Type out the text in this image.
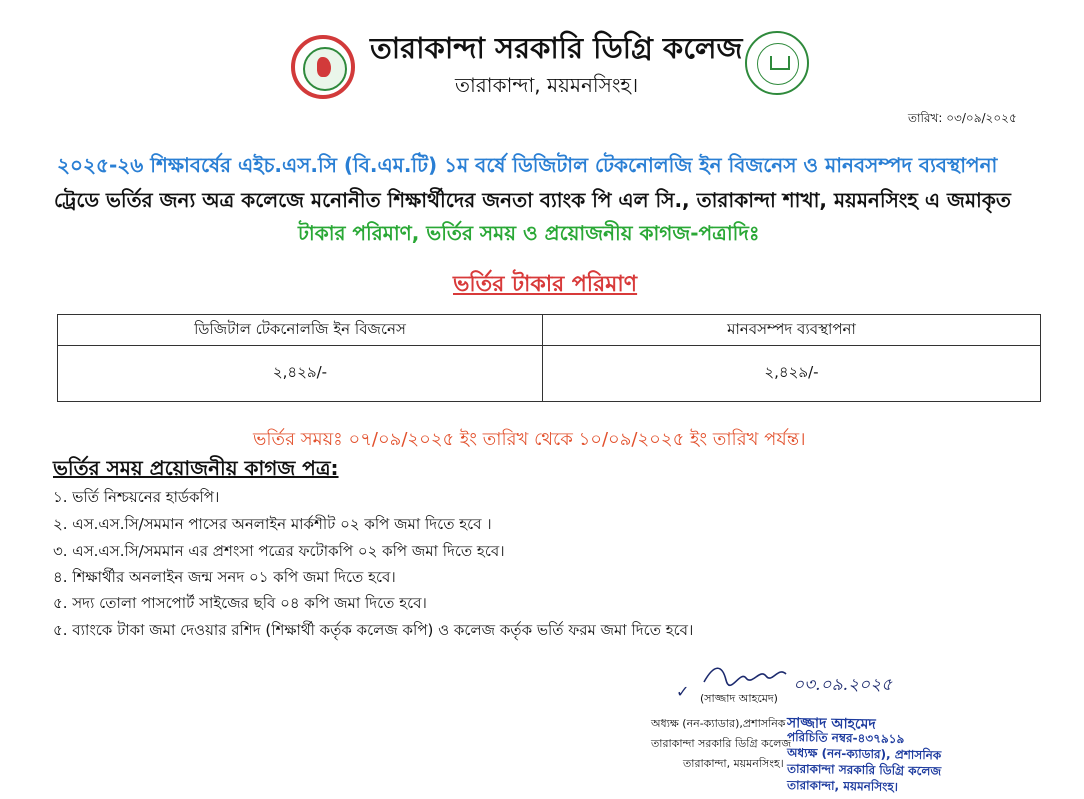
তারাকান্দা সরকারি ডিগ্রি কলেজ
তারাকান্দা, ময়মনসিংহ।
তারিখ: ০৩/০৯/২০২৫
২০২৫-২৬ শিক্ষাবর্ষের এইচ.এস.সি (বি.এম.টি) ১ম বর্ষে ডিজিটাল টেকনোলজি ইন বিজনেস ও মানবসম্পদ ব্যবস্থাপনা
ট্রেডে ভর্তির জন্য অত্র কলেজে মনোনীত শিক্ষার্থীদের জনতা ব্যাংক পি এল সি., তারাকান্দা শাখা, ময়মনসিংহ এ জমাকৃত
টাকার পরিমাণ, ভর্তির সময় ও প্রয়োজনীয় কাগজ-পত্রাদিঃ
ভর্তির টাকার পরিমাণ
ডিজিটাল টেকনোলজি ইন বিজনেস	মানবসম্পদ ব্যবস্থাপনা
২,৪২৯/-	২,৪২৯/-
ভর্তির সময়ঃ ০৭/০৯/২০২৫ ইং তারিখ থেকে ১০/০৯/২০২৫ ইং তারিখ পর্যন্ত।
ভর্তির সময় প্রয়োজনীয় কাগজ পত্র:
১. ভর্তি নিশ্চয়নের হার্ডকপি।
২. এস.এস.সি/সমমান পাসের অনলাইন মার্কশীট ০২ কপি জমা দিতে হবে ।
৩. এস.এস.সি/সমমান এর প্রশংসা পত্রের ফটোকপি ০২ কপি জমা দিতে হবে।
৪. শিক্ষার্থীর অনলাইন জন্ম সনদ ০১ কপি জমা দিতে হবে।
৫. সদ্য তোলা পাসপোর্ট সাইজের ছবি ০৪ কপি জমা দিতে হবে।
৫. ব্যাংকে টাকা জমা দেওয়ার রশিদ (শিক্ষার্থী কর্তৃক কলেজ কপি) ও কলেজ কর্তৃক ভর্তি ফরম জমা দিতে হবে।
০৩.০৯.২০২৫
✓ (সাজ্জাদ আহমেদ)
অধ্যক্ষ (নন-ক্যাডার),প্রশাসনিক
তারাকান্দা সরকারি ডিগ্রি কলেজ
তারাকান্দা, ময়মনসিংহ।
সাজ্জাদ আহমেদ
পরিচিতি নম্বর-৪৩৭৯১৯
অধ্যক্ষ (নন-ক্যাডার), প্রশাসনিক
তারাকান্দা সরকারি ডিগ্রি কলেজ
তারাকান্দা, ময়মনসিংহ।
